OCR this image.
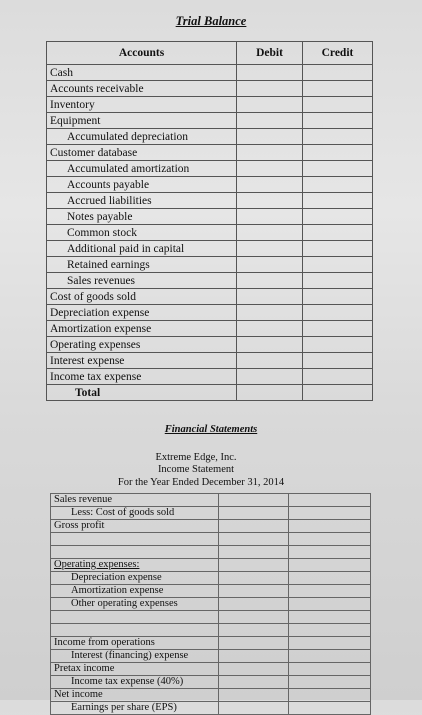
Trial Balance
Accounts	Debit	Credit
Cash		
Accounts receivable		
Inventory		
Equipment		
Accumulated depreciation		
Customer database		
Accumulated amortization		
Accounts payable		
Accrued liabilities		
Notes payable		
Common stock		
Additional paid in capital		
Retained earnings		
Sales revenues		
Cost of goods sold		
Depreciation expense		
Amortization expense		
Operating expenses		
Interest expense		
Income tax expense		
Total		
Financial Statements
Extreme Edge, Inc.
Income Statement
For the Year Ended December 31, 2014
Sales revenue		
Less: Cost of goods sold		
Gross profit		

Operating expenses:		
Depreciation expense		
Amortization expense		
Other operating expenses		

Income from operations		
Interest (financing) expense		
Pretax income		
Income tax expense (40%)		
Net income		
Earnings per share (EPS)		
